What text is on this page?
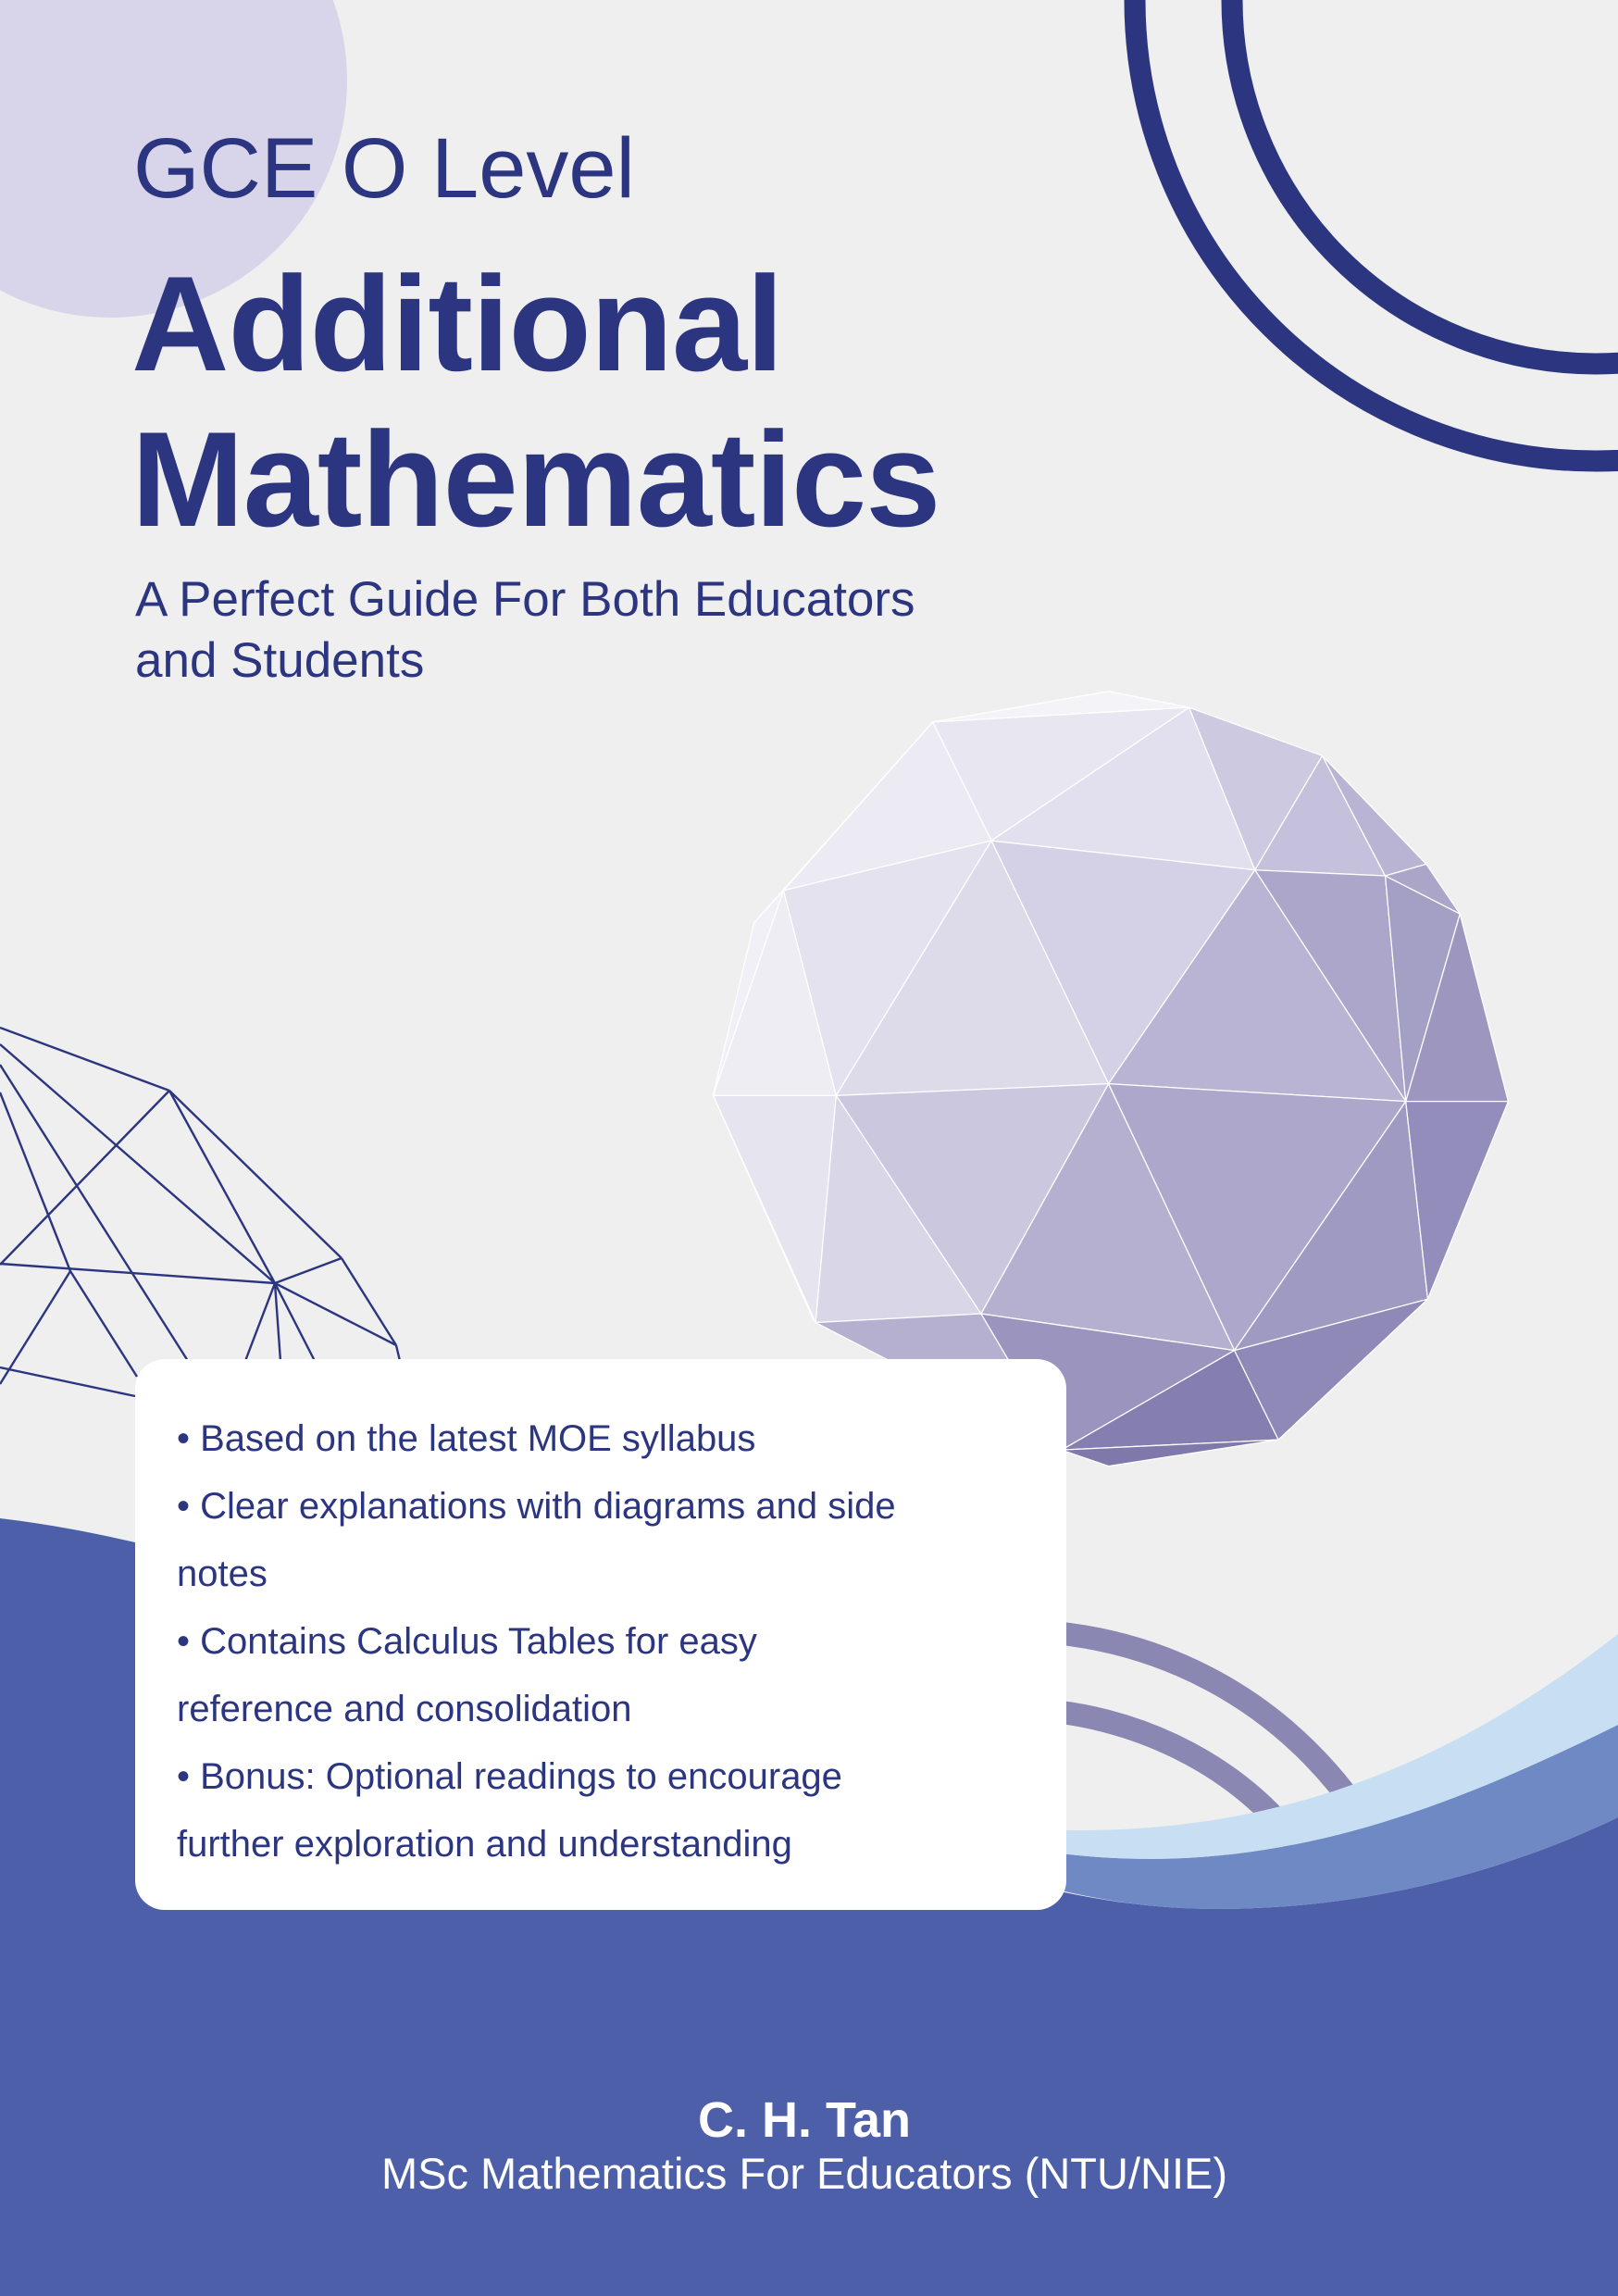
GCE O Level
Additional
Mathematics
A Perfect Guide For Both Educators
and Students
• Based on the latest MOE syllabus
• Clear explanations with diagrams and side
notes
• Contains Calculus Tables for easy
reference and consolidation
• Bonus: Optional readings to encourage
further exploration and understanding
C. H. Tan
MSc Mathematics For Educators (NTU/NIE)
